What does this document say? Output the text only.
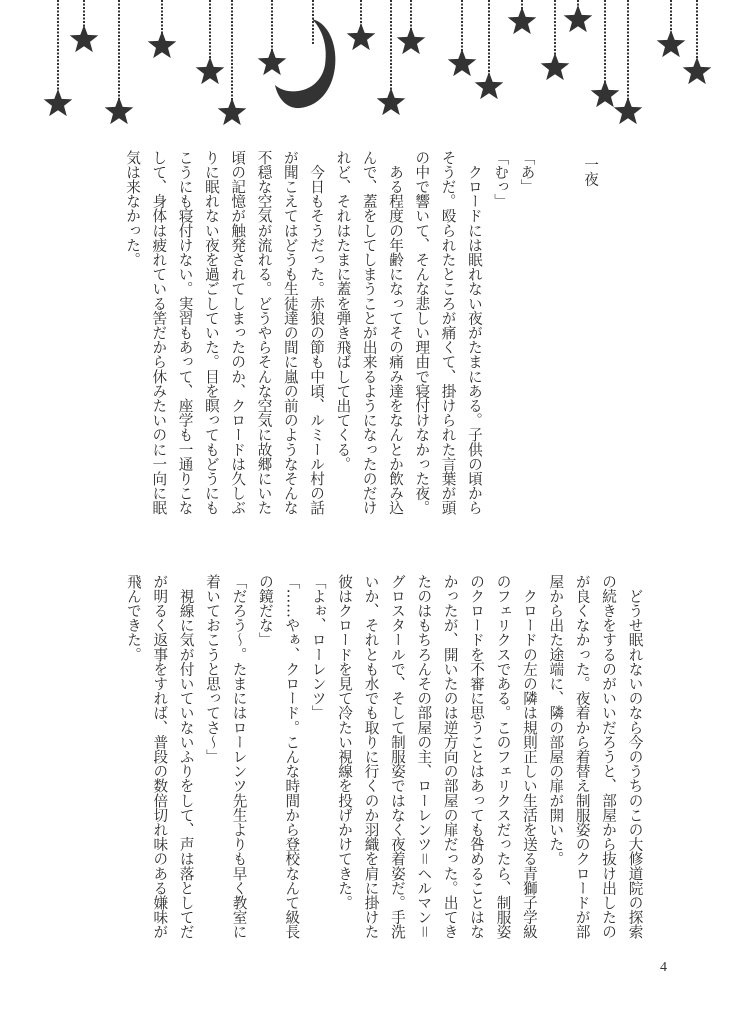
一夜
「あ」
「むっ」
　クロードには眠れない夜がたまにある。子供の頃から
そうだ。殴られたところが痛くて、掛けられた言葉が頭
の中で響いて、そんな悲しい理由で寝付けなかった夜。
　ある程度の年齢になってその痛み達をなんとか飲み込
んで、蓋をしてしまうことが出来るようになったのだけ
れど、それはたまに蓋を弾き飛ばして出てくる。
　今日もそうだった。赤狼の節も中頃、ルミール村の話
が聞こえてはどうも生徒達の間に嵐の前のようなそんな
不穏な空気が流れる。どうやらそんな空気に故郷にいた
頃の記憶が触発されてしまったのか、クロードは久しぶ
りに眠れない夜を過ごしていた。目を瞑ってもどうにも
こうにも寝付けない。実習もあって、座学も一通りこな
して、身体は疲れている筈だから休みたいのに一向に眠
気は来なかった。
　どうせ眠れないのなら今のうちのこの大修道院の探索
の続きをするのがいいだろうと、部屋から抜け出したの
が良くなかった。夜着から着替え制服姿のクロードが部
屋から出た途端に、隣の部屋の扉が開いた。
　クロードの左の隣は規則正しい生活を送る青獅子学級
のフェリクスである。このフェリクスだったら、制服姿
のクロードを不審に思うことはあっても咎めることはな
かったが、開いたのは逆方向の部屋の扉だった。出てき
たのはもちろんその部屋の主、ローレンツ＝ヘルマン＝
グロスタールで、そして制服姿ではなく夜着姿だ。手洗
いか、それとも水でも取りに行くのか羽織を肩に掛けた
彼はクロードを見て冷たい視線を投げかけてきた。
「よぉ、ローレンツ」
「……やぁ、クロード。こんな時間から登校なんて級長
の鏡だな」
「だろう〜。たまにはローレンツ先生よりも早く教室に
着いておこうと思ってさ〜」
　視線に気が付いていないふりをして、声は落としてだ
が明るく返事をすれば、普段の数倍切れ味のある嫌味が
飛んできた。
4
